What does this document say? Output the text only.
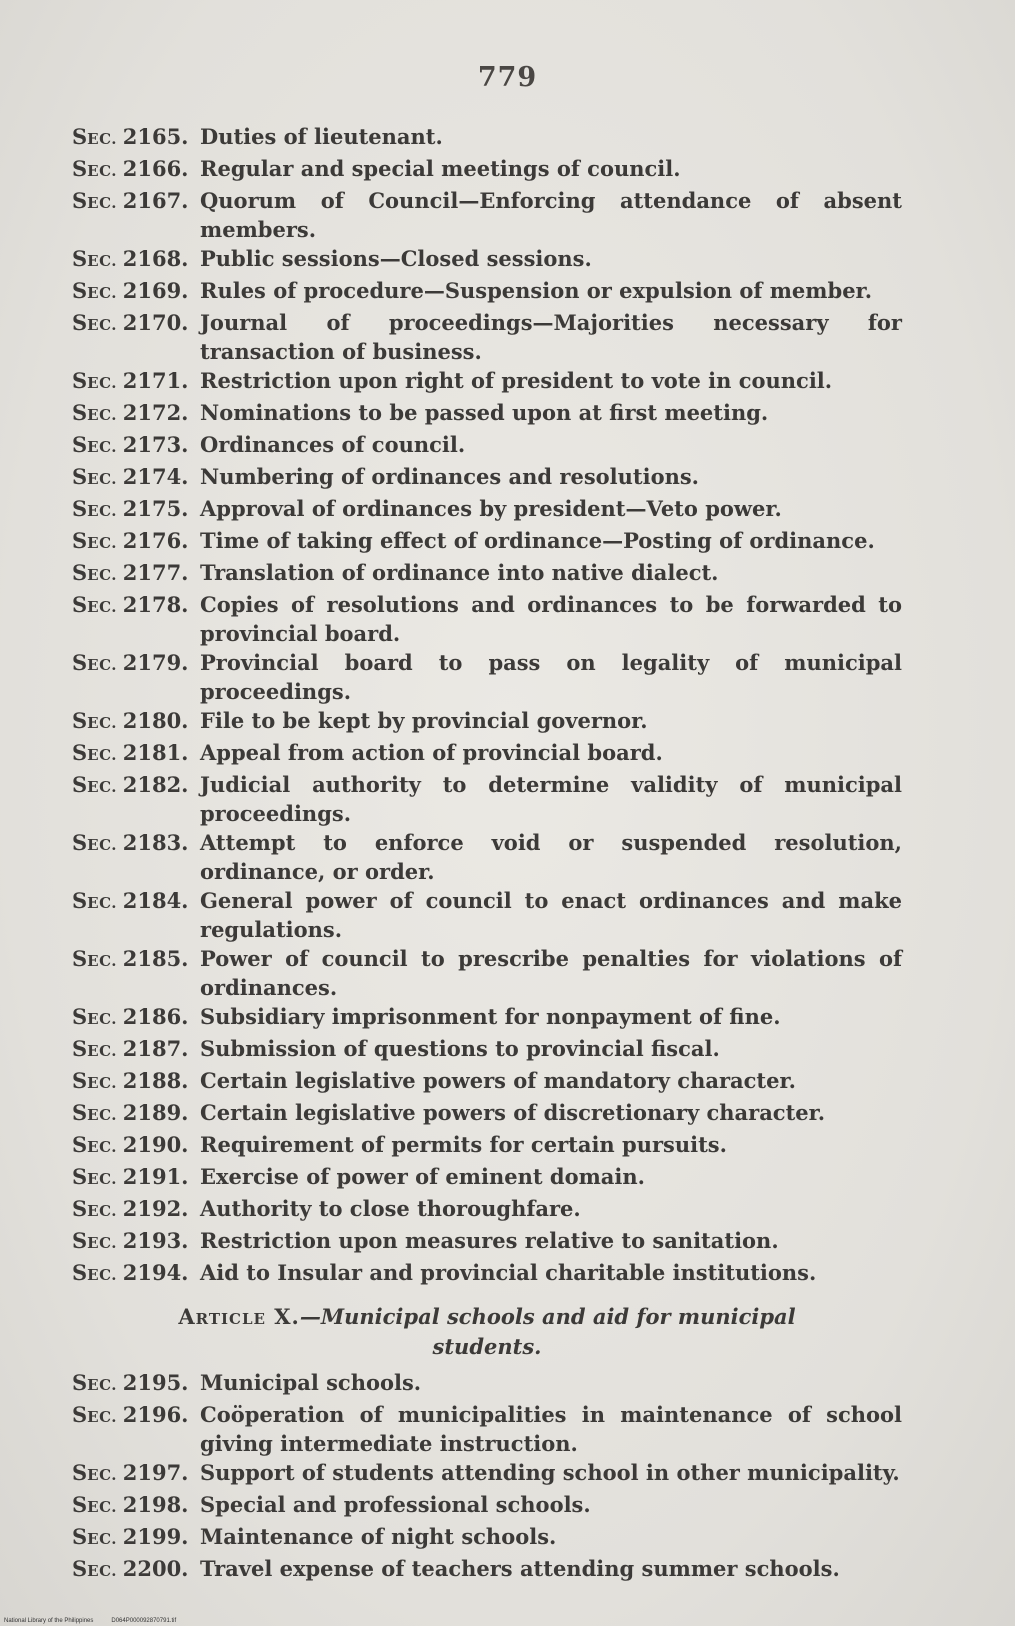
779
SEC. 2165. Duties of lieutenant.
SEC. 2166. Regular and special meetings of council.
SEC. 2167. Quorum of Council—Enforcing attendance of absent members.
SEC. 2168. Public sessions—Closed sessions.
SEC. 2169. Rules of procedure—Suspension or expulsion of member.
SEC. 2170. Journal of proceedings—Majorities necessary for transaction of business.
SEC. 2171. Restriction upon right of president to vote in council.
SEC. 2172. Nominations to be passed upon at first meeting.
SEC. 2173. Ordinances of council.
SEC. 2174. Numbering of ordinances and resolutions.
SEC. 2175. Approval of ordinances by president—Veto power.
SEC. 2176. Time of taking effect of ordinance—Posting of ordinance.
SEC. 2177. Translation of ordinance into native dialect.
SEC. 2178. Copies of resolutions and ordinances to be forwarded to provincial board.
SEC. 2179. Provincial board to pass on legality of municipal proceedings.
SEC. 2180. File to be kept by provincial governor.
SEC. 2181. Appeal from action of provincial board.
SEC. 2182. Judicial authority to determine validity of municipal proceedings.
SEC. 2183. Attempt to enforce void or suspended resolution, ordinance, or order.
SEC. 2184. General power of council to enact ordinances and make regulations.
SEC. 2185. Power of council to prescribe penalties for violations of ordinances.
SEC. 2186. Subsidiary imprisonment for nonpayment of fine.
SEC. 2187. Submission of questions to provincial fiscal.
SEC. 2188. Certain legislative powers of mandatory character.
SEC. 2189. Certain legislative powers of discretionary character.
SEC. 2190. Requirement of permits for certain pursuits.
SEC. 2191. Exercise of power of eminent domain.
SEC. 2192. Authority to close thoroughfare.
SEC. 2193. Restriction upon measures relative to sanitation.
SEC. 2194. Aid to Insular and provincial charitable institutions.
Article X.—Municipal schools and aid for municipal students.
SEC. 2195. Municipal schools.
SEC. 2196. Coöperation of municipalities in maintenance of school giving intermediate instruction.
SEC. 2197. Support of students attending school in other municipality.
SEC. 2198. Special and professional schools.
SEC. 2199. Maintenance of night schools.
SEC. 2200. Travel expense of teachers attending summer schools.
National Library of the Philippines	D064P000092870791.tif
